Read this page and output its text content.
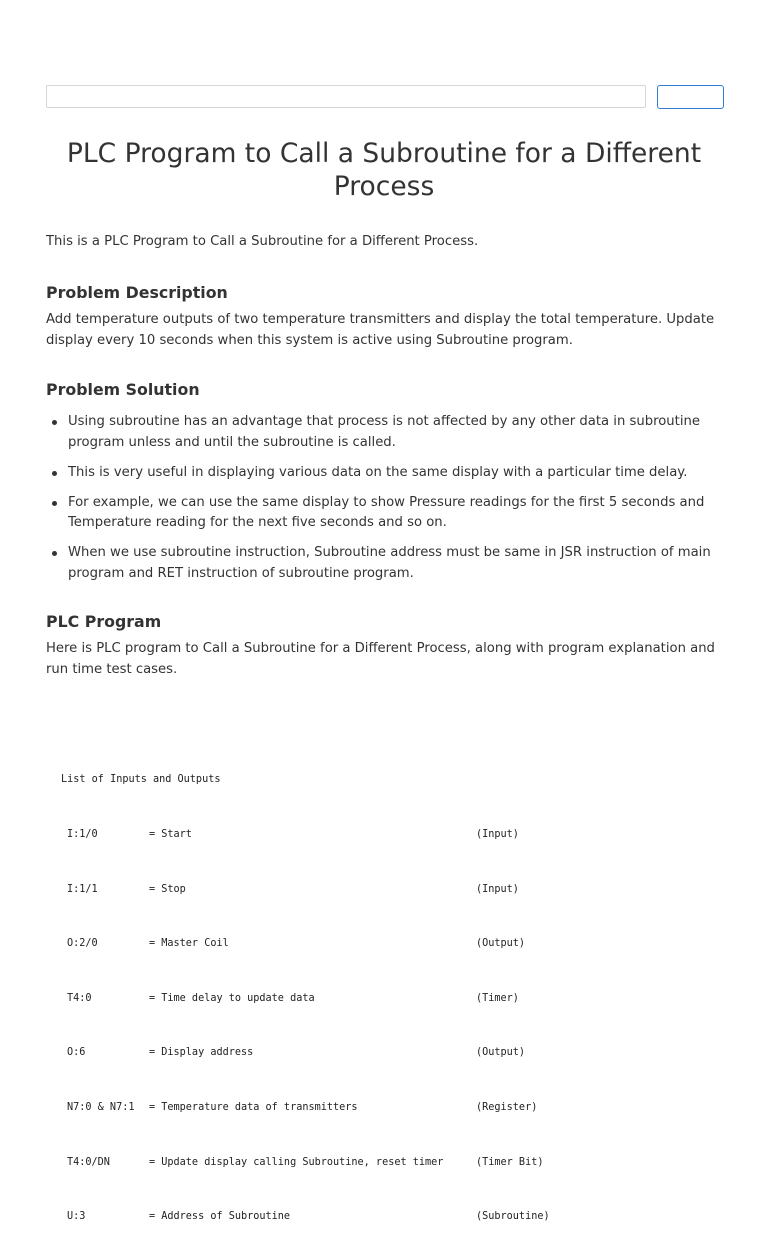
PLC Program to Call a Subroutine for a Different Process

This is a PLC Program to Call a Subroutine for a Different Process.

Problem Description

Add temperature outputs of two temperature transmitters and display the total temperature. Update display every 10 seconds when this system is active using Subroutine program.

Problem Solution
Using subroutine has an advantage that process is not affected by any other data in subroutine program unless and until the subroutine is called.
This is very useful in displaying various data on the same display with a particular time delay.
For example, we can use the same display to show Pressure readings for the first 5 seconds and Temperature reading for the next five seconds and so on.
When we use subroutine instruction, Subroutine address must be same in JSR instruction of main program and RET instruction of subroutine program.
PLC Program

Here is PLC program to Call a Subroutine for a Different Process, along with program explanation and run time test cases.

List of Inputs and Outputs

I:1/0	= Start	(Input)

I:1/1	= Stop	(Input)

O:2/0	= Master Coil	(Output)

T4:0	= Time delay to update data	(Timer)

O:6	= Display address	(Output)

N7:0 & N7:1 = Temperature data of transmitters	(Register)

T4:0/DN	= Update display calling Subroutine, reset timer	(Timer Bit)

U:3	= Address of Subroutine	(Subroutine)
